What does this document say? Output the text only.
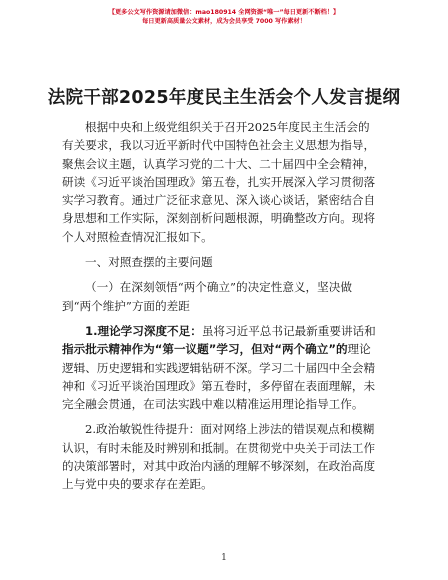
【更多公文写作资源请加微信：mao180914 全网资源“唯一”每日更新不断档！】
每日更新高质量公文素材，成为会员享受 7000 写作素材！
法院干部2025年度民主生活会个人发言提纲
根据中央和上级党组织关于召开2025年度民主生活会的
有关要求，我以习近平新时代中国特色社会主义思想为指导，
聚焦会议主题，认真学习党的二十大、二十届四中全会精神，
研读《习近平谈治国理政》第五卷，扎实开展深入学习贯彻落
实学习教育。通过广泛征求意见、深入谈心谈话，紧密结合自
身思想和工作实际，深刻剖析问题根源，明确整改方向。现将
个人对照检查情况汇报如下。
一、对照查摆的主要问题
（一）在深刻领悟“两个确立”的决定性意义，坚决做
到“两个维护”方面的差距
1.理论学习深度不足：虽将习近平总书记最新重要讲话和
指示批示精神作为“第一议题”学习，但对“两个确立”的理论
逻辑、历史逻辑和实践逻辑钻研不深。学习二十届四中全会精
神和《习近平谈治国理政》第五卷时，多停留在表面理解，未
完全融会贯通，在司法实践中难以精准运用理论指导工作。
2.政治敏锐性待提升：面对网络上涉法的错误观点和模糊
认识，有时未能及时辨别和抵制。在贯彻党中央关于司法工作
的决策部署时，对其中政治内涵的理解不够深刻，在政治高度
上与党中央的要求存在差距。
1
